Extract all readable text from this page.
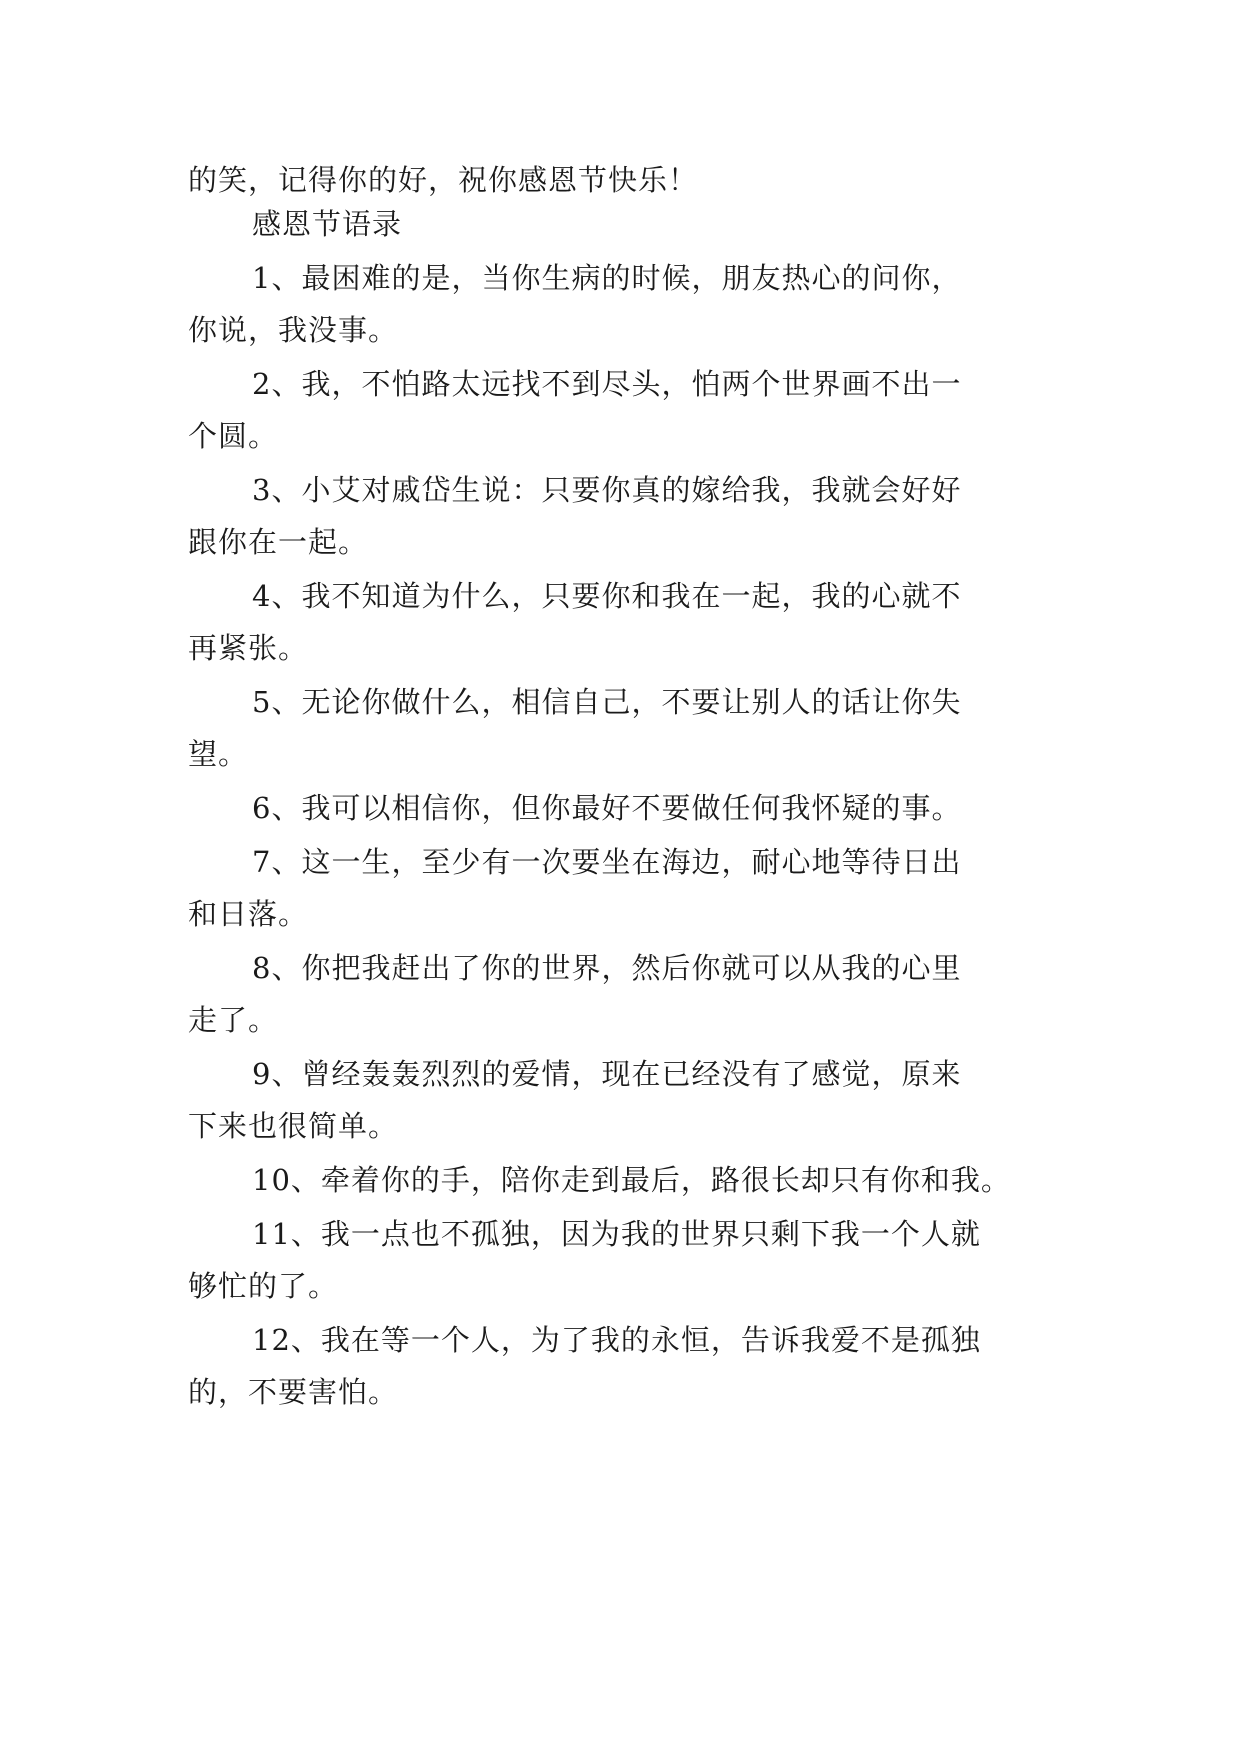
的笑，记得你的好，祝你感恩节快乐！
感恩节语录
1、最困难的是，当你生病的时候，朋友热心的问你，
你说，我没事。
2、我，不怕路太远找不到尽头，怕两个世界画不出一
个圆。
3、小艾对戚岱生说：只要你真的嫁给我，我就会好好
跟你在一起。
4、我不知道为什么，只要你和我在一起，我的心就不
再紧张。
5、无论你做什么，相信自己，不要让别人的话让你失
望。
6、我可以相信你，但你最好不要做任何我怀疑的事。
7、这一生，至少有一次要坐在海边，耐心地等待日出
和日落。
8、你把我赶出了你的世界，然后你就可以从我的心里
走了。
9、曾经轰轰烈烈的爱情，现在已经没有了感觉，原来
下来也很简单。
10、牵着你的手，陪你走到最后，路很长却只有你和我。
11、我一点也不孤独，因为我的世界只剩下我一个人就
够忙的了。
12、我在等一个人，为了我的永恒，告诉我爱不是孤独
的，不要害怕。
